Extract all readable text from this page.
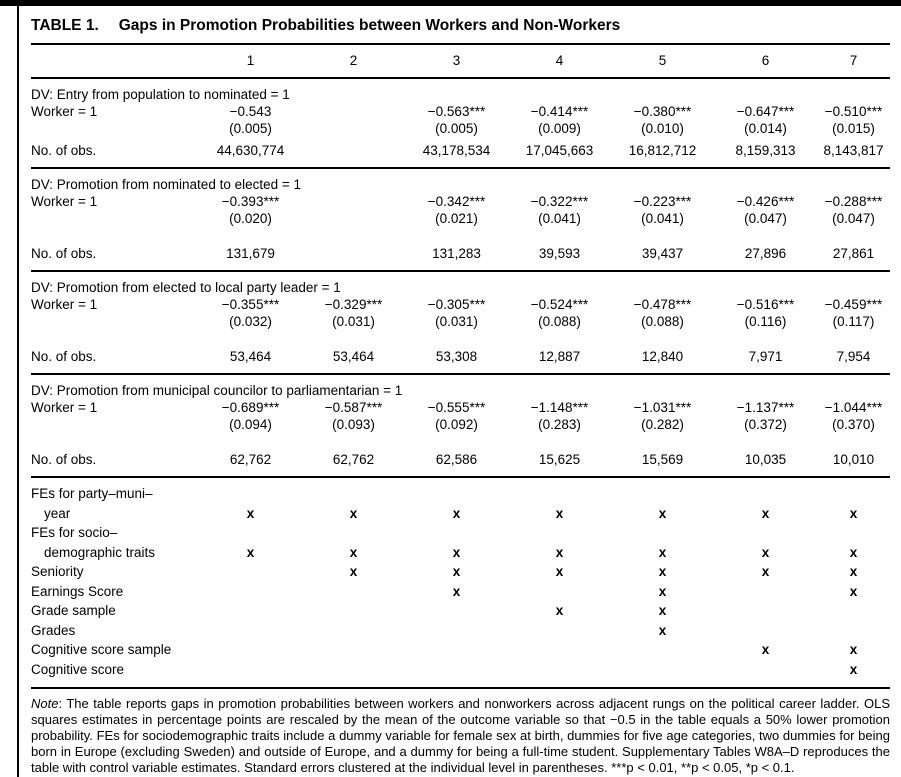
TABLE 1. Gaps in Promotion Probabilities between Workers and Non-Workers
	1	2	3	4	5	6	7

DV: Entry from population to nominated = 1							
Worker = 1	−0.543		−0.563***	−0.414***	−0.380***	−0.647***	−0.510***
	(0.005)		(0.005)	(0.009)	(0.010)	(0.014)	(0.015)
No. of obs.	44,630,774		43,178,534	17,045,663	16,812,712	8,159,313	8,143,817

DV: Promotion from nominated to elected = 1							
Worker = 1	−0.393***		−0.342***	−0.322***	−0.223***	−0.426***	−0.288***
	(0.020)		(0.021)	(0.041)	(0.041)	(0.047)	(0.047)

No. of obs.	131,679		131,283	39,593	39,437	27,896	27,861

DV: Promotion from elected to local party leader = 1							
Worker = 1	−0.355***	−0.329***	−0.305***	−0.524***	−0.478***	−0.516***	−0.459***
	(0.032)	(0.031)	(0.031)	(0.088)	(0.088)	(0.116)	(0.117)

No. of obs.	53,464	53,464	53,308	12,887	12,840	7,971	7,954

DV: Promotion from municipal councilor to parliamentarian = 1							
Worker = 1	−0.689***	−0.587***	−0.555***	−1.148***	−1.031***	−1.137***	−1.044***
	(0.094)	(0.093)	(0.092)	(0.283)	(0.282)	(0.372)	(0.370)

No. of obs.	62,762	62,762	62,586	15,625	15,569	10,035	10,010

FEs for party–muni–							
year	x	x	x	x	x	x	x
FEs for socio–							
demographic traits	x	x	x	x	x	x	x
Seniority		x	x	x	x	x	x
Earnings Score			x		x		x
Grade sample				x	x		
Grades					x		
Cognitive score sample						x	x
Cognitive score							x

Note: The table reports gaps in promotion probabilities between workers and nonworkers across adjacent rungs on the political career ladder. OLS squares estimates in percentage points are rescaled by the mean of the outcome variable so that −0.5 in the table equals a 50% lower promotion probability. FEs for sociodemographic traits include a dummy variable for female sex at birth, dummies for five age categories, two dummies for being born in Europe (excluding Sweden) and outside of Europe, and a dummy for being a full-time student. Supplementary Tables W8A–D reproduces the table with control variable estimates. Standard errors clustered at the individual level in parentheses. ***p < 0.01, **p < 0.05, *p < 0.1.
